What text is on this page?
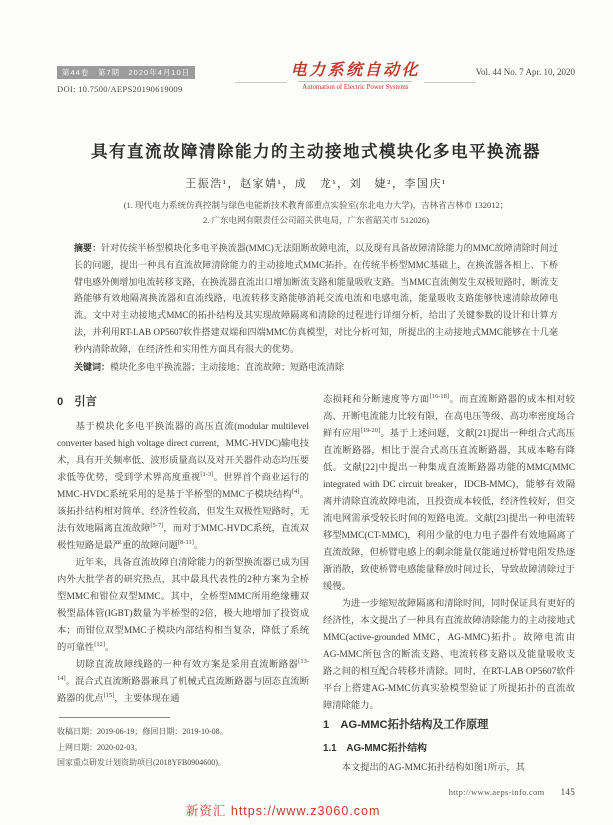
第44卷　第7期　2020年4月10日
DOI: 10.7500/AEPS20190619009
电力系统自动化
Automation of Electric Power Systems
Vol. 44 No. 7 Apr. 10, 2020
具有直流故障清除能力的主动接地式模块化多电平换流器
王振浩¹，赵家婧¹，成　龙¹，刘　婕²，李国庆¹
(1. 现代电力系统仿真控制与绿色电能新技术教育部重点实验室(东北电力大学)，吉林省吉林市 132012；
2. 广东电网有限责任公司韶关供电局，广东省韶关市 512026)
摘要：针对传统半桥型模块化多电平换流器(MMC)无法阻断故障电流，以及现有具备故障清除能力的MMC故障清除时间过长的问题，提出一种具有直流故障清除能力的主动接地式MMC拓扑。在传统半桥型MMC基础上，在换流器各相上、下桥臂电感外侧增加电流转移支路，在换流器直流出口增加断流支路和能量吸收支路。当MMC直流侧发生双极短路时，断流支路能够有效地隔离换流器和直流线路，电流转移支路能够消耗交流电流和电感电流，能量吸收支路能够快速清除故障电流。文中对主动接地式MMC的拓扑结构及其实现故障隔离和清除的过程进行详细分析，给出了关键参数的设计和计算方法，并利用RT-LAB OP5607软件搭建双端和四端MMC仿真模型，对比分析可知，所提出的主动接地式MMC能够在十几毫秒内清除故障，在经济性和实用性方面具有很大的优势。
关键词：模块化多电平换流器；主动接地；直流故障；短路电流清除
0　引言

基于模块化多电平换流器的高压直流(modular multilevel converter based high voltage direct current，MMC-HVDC)输电技术，具有开关频率低、波形质量高以及对开关器件动态均压要求低等优势，受到学术界高度重视[1-3]。世界首个商业运行的MMC-HVDC系统采用的是基于半桥型的MMC子模块结构[4]。该拓扑结构相对简单、经济性较高，但发生双极性短路时，无法有效地隔离直流故障[5-7]，而对于MMC-HVDC系统，直流双极性短路是最严重的故障问题[8-11]。

近年来，具备直流故障自清除能力的新型换流器已成为国内外大批学者的研究热点，其中最具代表性的2种方案为全桥型MMC和钳位双型MMC。其中，全桥型MMC所用绝缘栅双极型晶体管(IGBT)数量为半桥型的2倍，极大地增加了投资成本；而钳位双型MMC子模块内部结构相当复杂，降低了系统的可靠性[12]。

切除直流故障线路的一种有效方案是采用直流断路器[13-14]。混合式直流断路器兼具了机械式直流断路器与固态直流断路器的优点[15]，主要体现在通

收稿日期：2019-06-19；修回日期：2019-10-08。
上网日期：2020-02-03。
国家重点研发计划资助项目(2018YFB0904600)。

态损耗和分断速度等方面[16-18]。而直流断路器的成本相对较高、开断电流能力比较有限，在高电压等级、高功率密度场合鲜有应用[19-20]。基于上述问题，文献[21]提出一种组合式高压直流断路器，相比于混合式高压直流断路器，其成本略有降低。文献[22]中提出一种集成直流断路器功能的MMC(MMC integrated with DC circuit breaker，IDCB-MMC)，能够有效隔离并清除直流故障电流，且投资成本较低，经济性较好，但交流电网需承受较长时间的短路电流。文献[23]提出一种电流转移型MMC(CT-MMC)，利用少量的电力电子器件有效地隔离了直流故障，但桥臂电感上的剩余能量仅能通过桥臂电阻发热逐渐消散，致使桥臂电感能量释放时间过长，导致故障清除过于缓慢。

为进一步缩短故障隔离和清除时间，同时保证具有更好的经济性，本文提出了一种具有直流故障清除能力的主动接地式MMC(active-grounded MMC，AG-MMC)拓扑。故障电流由AG-MMC所包含的断流支路、电流转移支路以及能量吸收支路之间的相互配合转移并清除。同时，在RT-LAB OP5607软件平台上搭建AG-MMC仿真实验模型验证了所提拓扑的直流故障清除能力。

1　AG-MMC拓扑结构及工作原理
1.1　AG-MMC拓扑结构

本文提出的AG-MMC拓扑结构如图1所示，其

http://www.aeps-info.com 145
新资汇 https://www.z3060.com
